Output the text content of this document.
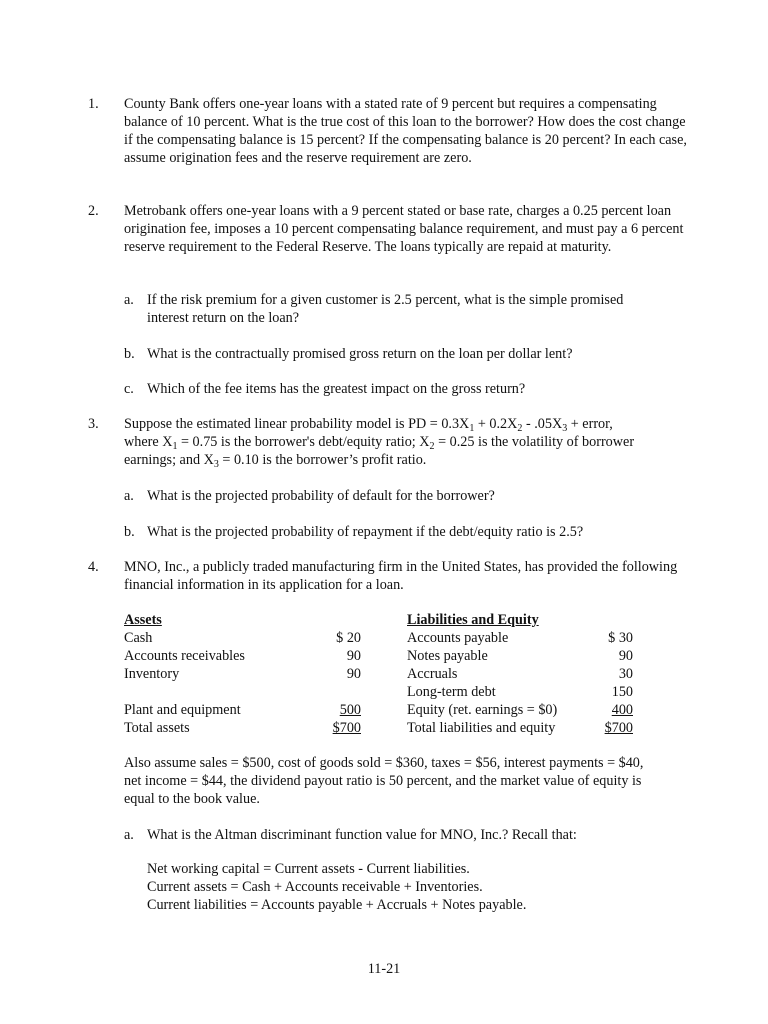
1. County Bank offers one-year loans with a stated rate of 9 percent but requires a compensating balance of 10 percent. What is the true cost of this loan to the borrower? How does the cost change if the compensating balance is 15 percent? If the compensating balance is 20 percent? In each case, assume origination fees and the reserve requirement are zero.
2. Metrobank offers one-year loans with a 9 percent stated or base rate, charges a 0.25 percent loan origination fee, imposes a 10 percent compensating balance requirement, and must pay a 6 percent reserve requirement to the Federal Reserve. The loans typically are repaid at maturity.
a. If the risk premium for a given customer is 2.5 percent, what is the simple promised interest return on the loan?
b. What is the contractually promised gross return on the loan per dollar lent?
c. Which of the fee items has the greatest impact on the gross return?
3. Suppose the estimated linear probability model is PD = $0.3X_1 + 0.2X_2 - .05X_3$ + error,
where $X_1 = 0.75$ is the borrower's debt/equity ratio; $X_2 = 0.25$ is the volatility of borrower
earnings; and $X_3 = 0.10$ is the borrower’s profit ratio.
a. What is the projected probability of default for the borrower?
b. What is the projected probability of repayment if the debt/equity ratio is 2.5?
4. MNO, Inc., a publicly traded manufacturing firm in the United States, has provided the following financial information in its application for a loan.
Assets
Cash	$ 20
Accounts receivables	90
Inventory	90
Plant and equipment	500
Total assets	$700
Liabilities and Equity
Accounts payable	$ 30
Notes payable	90
Accruals	30
Long-term debt	150
Equity (ret. earnings = $0)	400
Total liabilities and equity	$700
Also assume sales = $500, cost of goods sold = $360, taxes = $56, interest payments = $40, net income = $44, the dividend payout ratio is 50 percent, and the market value of equity is equal to the book value.
a. What is the Altman discriminant function value for MNO, Inc.? Recall that:
Net working capital = Current assets - Current liabilities.
Current assets = Cash + Accounts receivable + Inventories.
Current liabilities = Accounts payable + Accruals + Notes payable.
11-21
